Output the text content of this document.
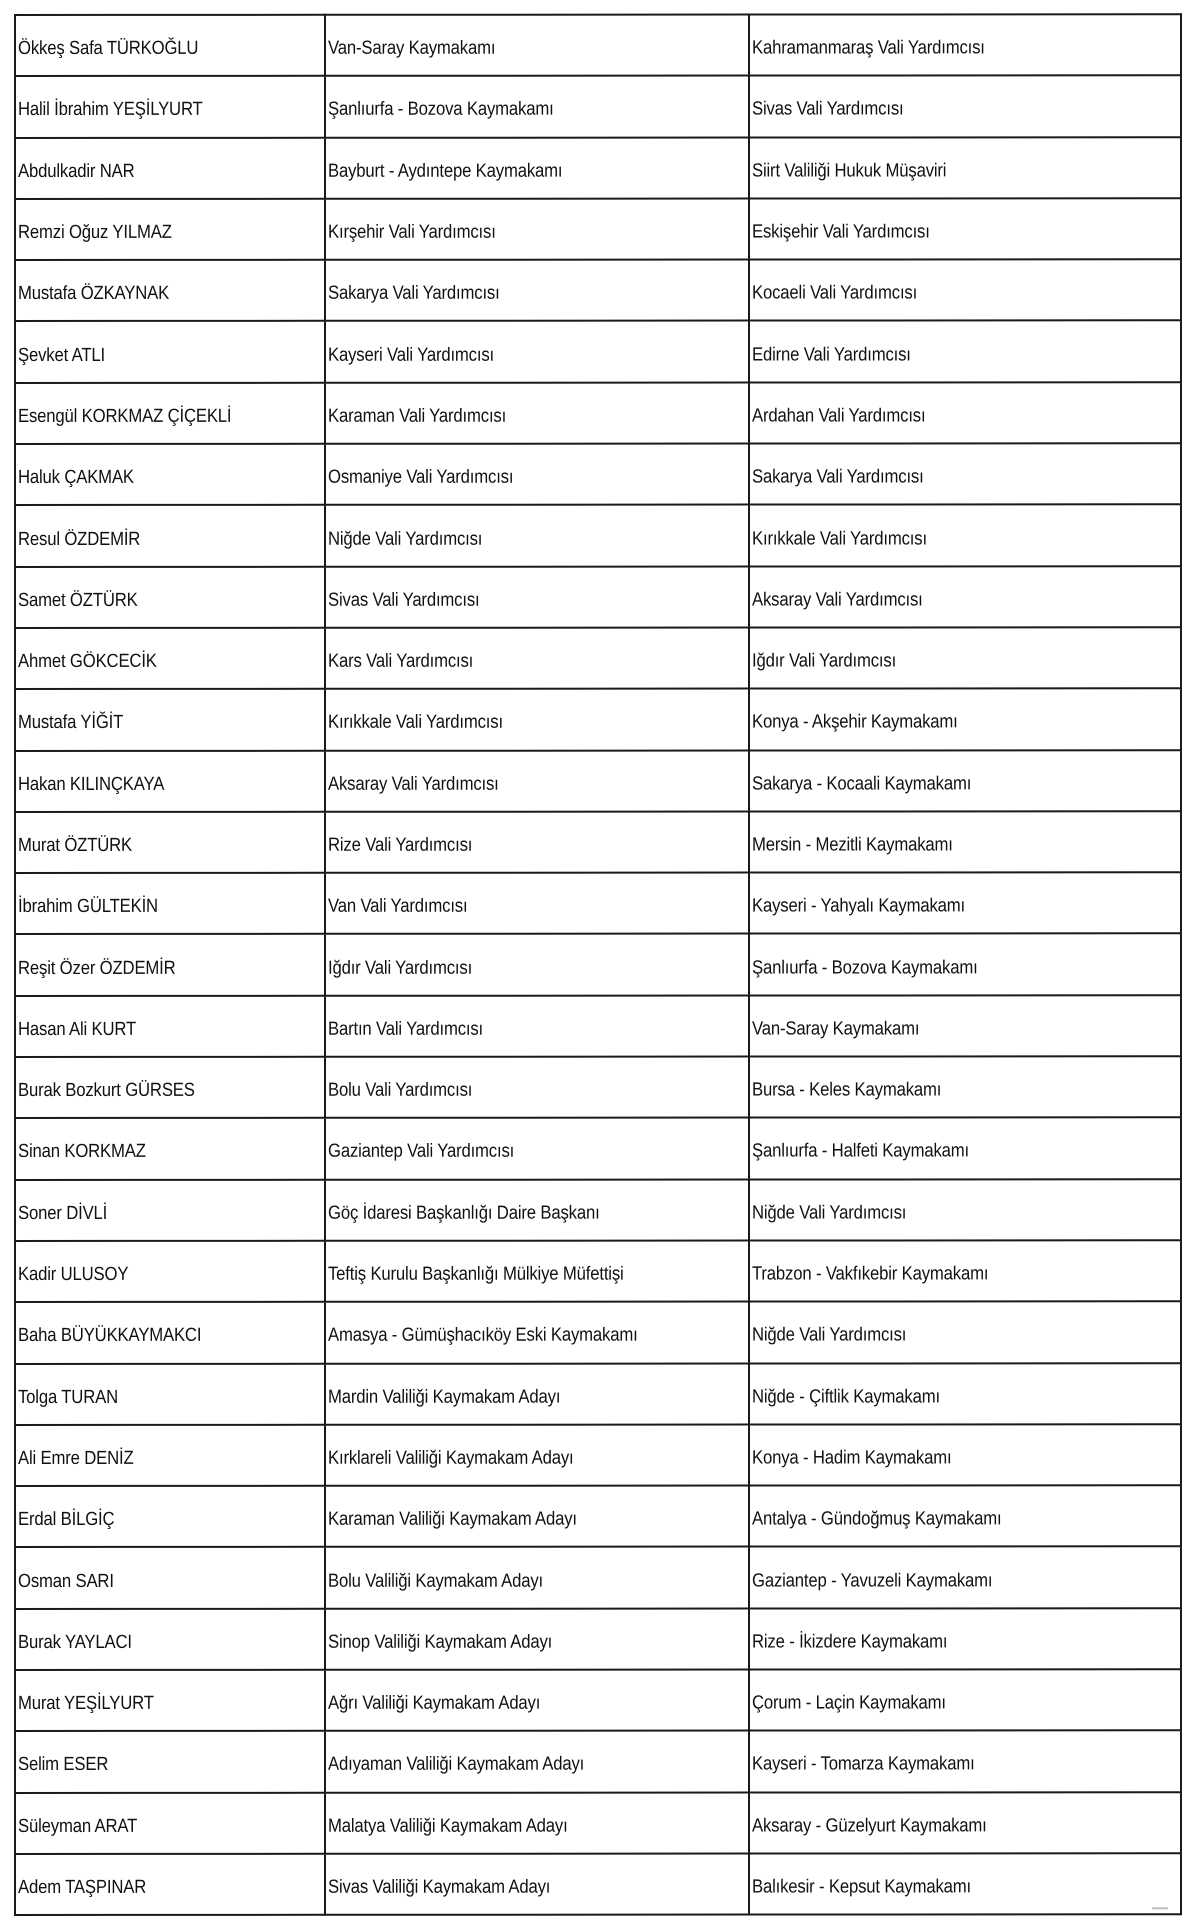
Ökkeş Safa TÜRKOĞLU	Van-Saray Kaymakamı	Kahramanmaraş Vali Yardımcısı
Halil İbrahim YEŞİLYURT	Şanlıurfa - Bozova Kaymakamı	Sivas Vali Yardımcısı
Abdulkadir NAR	Bayburt - Aydıntepe Kaymakamı	Siirt Valiliği Hukuk Müşaviri
Remzi Oğuz YILMAZ	Kırşehir Vali Yardımcısı	Eskişehir Vali Yardımcısı
Mustafa ÖZKAYNAK	Sakarya Vali Yardımcısı	Kocaeli Vali Yardımcısı
Şevket ATLI	Kayseri Vali Yardımcısı	Edirne Vali Yardımcısı
Esengül KORKMAZ ÇİÇEKLİ	Karaman Vali Yardımcısı	Ardahan Vali Yardımcısı
Haluk ÇAKMAK	Osmaniye Vali Yardımcısı	Sakarya Vali Yardımcısı
Resul ÖZDEMİR	Niğde Vali Yardımcısı	Kırıkkale Vali Yardımcısı
Samet ÖZTÜRK	Sivas Vali Yardımcısı	Aksaray Vali Yardımcısı
Ahmet GÖKCECİK	Kars Vali Yardımcısı	Iğdır Vali Yardımcısı
Mustafa YİĞİT	Kırıkkale Vali Yardımcısı	Konya - Akşehir Kaymakamı
Hakan KILINÇKAYA	Aksaray Vali Yardımcısı	Sakarya - Kocaali Kaymakamı
Murat ÖZTÜRK	Rize Vali Yardımcısı	Mersin - Mezitli Kaymakamı
İbrahim GÜLTEKİN	Van Vali Yardımcısı	Kayseri - Yahyalı Kaymakamı
Reşit Özer ÖZDEMİR	Iğdır Vali Yardımcısı	Şanlıurfa - Bozova Kaymakamı
Hasan Ali KURT	Bartın Vali Yardımcısı	Van-Saray Kaymakamı
Burak Bozkurt GÜRSES	Bolu Vali Yardımcısı	Bursa - Keles Kaymakamı
Sinan KORKMAZ	Gaziantep Vali Yardımcısı	Şanlıurfa - Halfeti Kaymakamı
Soner DİVLİ	Göç İdaresi Başkanlığı Daire Başkanı	Niğde Vali Yardımcısı
Kadir ULUSOY	Teftiş Kurulu Başkanlığı Mülkiye Müfettişi	Trabzon - Vakfıkebir Kaymakamı
Baha BÜYÜKKAYMAKCI	Amasya - Gümüşhacıköy Eski Kaymakamı	Niğde Vali Yardımcısı
Tolga TURAN	Mardin Valiliği Kaymakam Adayı	Niğde - Çiftlik Kaymakamı
Ali Emre DENİZ	Kırklareli Valiliği Kaymakam Adayı	Konya - Hadim Kaymakamı
Erdal BİLGİÇ	Karaman Valiliği Kaymakam Adayı	Antalya - Gündoğmuş Kaymakamı
Osman SARI	Bolu Valiliği Kaymakam Adayı	Gaziantep - Yavuzeli Kaymakamı
Burak YAYLACI	Sinop Valiliği Kaymakam Adayı	Rize - İkizdere Kaymakamı
Murat YEŞİLYURT	Ağrı Valiliği Kaymakam Adayı	Çorum - Laçin Kaymakamı
Selim ESER	Adıyaman Valiliği Kaymakam Adayı	Kayseri - Tomarza Kaymakamı
Süleyman ARAT	Malatya Valiliği Kaymakam Adayı	Aksaray - Güzelyurt Kaymakamı
Adem TAŞPINAR	Sivas Valiliği Kaymakam Adayı	Balıkesir - Kepsut Kaymakamı
